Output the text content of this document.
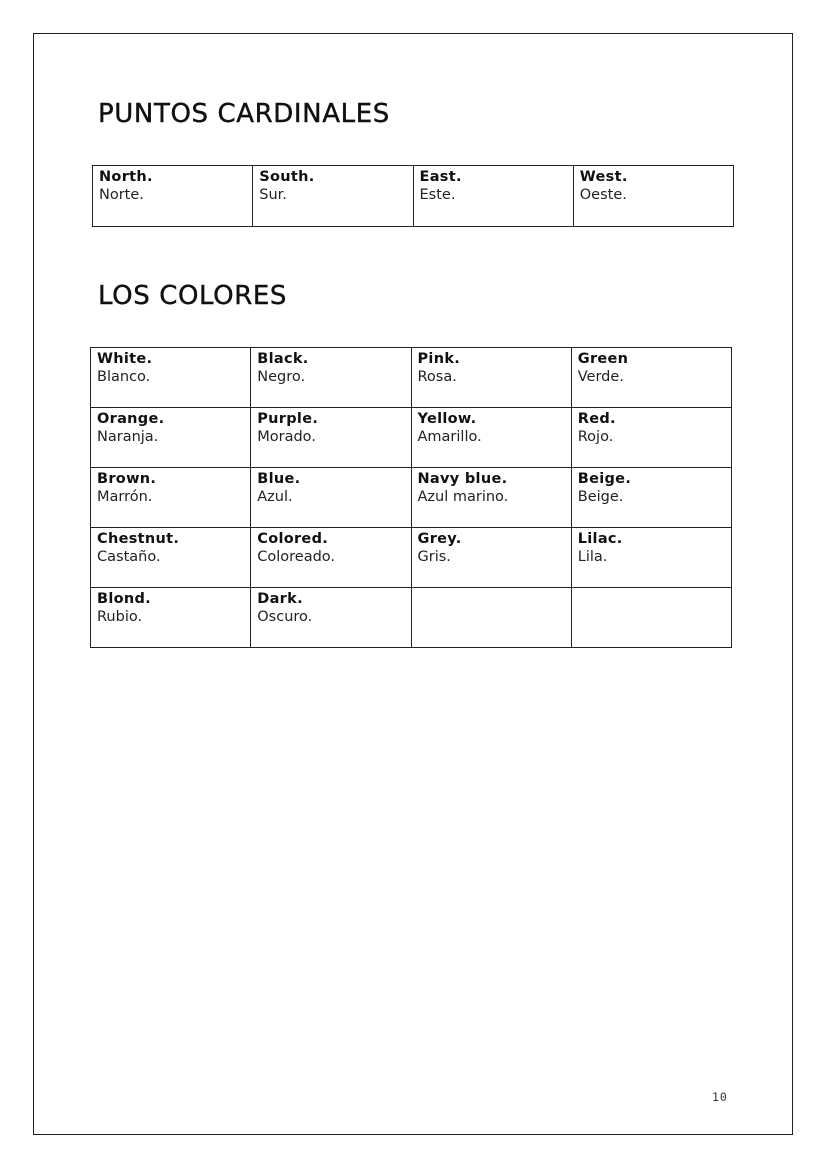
PUNTOS CARDINALES
North.
Norte.

South.
Sur.

East.
Este.

West.
Oeste.
LOS COLORES
White.
Blanco.	Black.
Negro.	Pink.
Rosa.	Green
Verde.

Orange.
Naranja.	Purple.
Morado.	Yellow.
Amarillo.	Red.
Rojo.

Brown.
Marrón.	Blue.
Azul.	Navy blue.
Azul marino.	Beige.
Beige.

Chestnut.
Castaño.	Colored.
Coloreado.	Grey.
Gris.	Lilac.
Lila.

Blond.
Rubio.	Dark.
Oscuro.		

10
